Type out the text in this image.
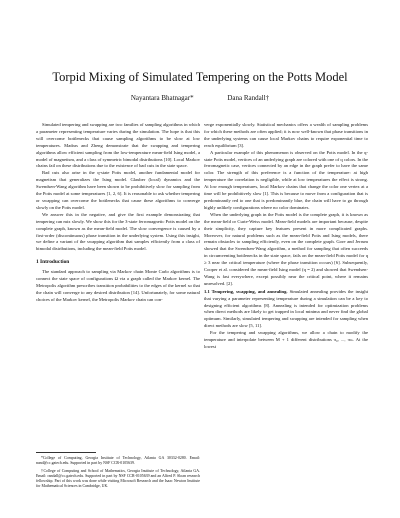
Torpid Mixing of Simulated Tempering on the Potts Model
Nayantara Bhatnagar*	Dana Randall†

Simulated tempering and swapping are two families of sampling algorithms in which a parameter representing temperature varies during the simulation. The hope is that this will overcome bottlenecks that cause sampling algorithms to be slow at low temperatures. Madras and Zheng demonstrate that the swapping and tempering algorithms allow efficient sampling from the low-temperature mean-field Ising model, a model of magnetism, and a class of symmetric bimodal distributions [10]. Local Markov chains fail on these distributions due to the existence of bad cuts in the state space.

Bad cuts also arise in the q-state Potts model, another fundamental model for magnetism that generalizes the Ising model. Glauber (local) dynamics and the Swendsen-Wang algorithm have been shown to be prohibitively slow for sampling from the Potts model at some temperatures [1, 2, 6]. It is reasonable to ask whether tempering or swapping can overcome the bottlenecks that cause these algorithms to converge slowly on the Potts model.

We answer this in the negative, and give the first example demonstrating that tempering can mix slowly. We show this for the 3-state ferromagnetic Potts model on the complete graph, known as the mean-field model. The slow convergence is caused by a first-order (discontinuous) phase transition in the underlying system. Using this insight, we define a variant of the swapping algorithm that samples efficiently from a class of bimodal distributions, including the mean-field Potts model.

1 Introduction

The standard approach to sampling via Markov chain Monte Carlo algorithms is to connect the state space of configurations Ω via a graph called the Markov kernel. The Metropolis algorithm prescribes transition probabilities to the edges of the kernel so that the chain will converge to any desired distribution [14]. Unfortunately, for some natural choices of the Markov kernel, the Metropolis Markov chain can con-

*College of Computing, Georgia Institute of Technology, Atlanta GA 30332-0280. Email: nand@cc.gatech.edu. Supported in part by NSF CCR-0105639.

†College of Computing and School of Mathematics, Georgia Institute of Technology, Atlanta GA. Email: randall@cc.gatech.edu. Supported in part by NSF CCR-0105639 and an Alfred P. Sloan research fellowship. Part of this work was done while visiting Microsoft Research and the Isaac Newton Institute for Mathematical Sciences in Cambridge, UK.

verge exponentially slowly. Statistical mechanics offers a wealth of sampling problems for which these methods are often applied; it is now well-known that phase transitions in the underlying systems can cause local Markov chains to require exponential time to reach equilibrium [3].

A particular example of this phenomenon is observed on the Potts model. In the q-state Potts model, vertices of an underlying graph are colored with one of q colors. In the ferromagnetic case, vertices connected by an edge in the graph prefer to have the same color. The strength of this preference is a function of the temperature: at high temperature the correlation is negligible, while at low temperatures the effect is strong. At low enough temperatures, local Markov chains that change the color one vertex at a time will be prohibitively slow [1]. This is because to move from a configuration that is predominantly red to one that is predominantly blue, the chain will have to go through highly unlikely configurations where no color dominates.

When the underlying graph in the Potts model is the complete graph, it is known as the mean-field or Curie-Weiss model. Mean-field models are important because, despite their simplicity, they capture key features present in more complicated graphs. Moreover, for natural problems such as the mean-field Potts and Ising models, there remain obstacles to sampling efficiently, even on the complete graph. Gore and Jerrum showed that the Swendsen-Wang algorithm, a method for sampling that often succeeds in circumventing bottlenecks in the state space, fails on the mean-field Potts model for q ≥ 3 near the critical temperature (where the phase transition occurs) [6]. Subsequently, Cooper et al. considered the mean-field Ising model (q = 2) and showed that Swendsen-Wang is fast everywhere, except possibly near the critical point, where it remains unresolved. [2].

1.1 Tempering, swapping, and annealing. Simulated annealing provides the insight that varying a parameter representing temperature during a simulation can be a key to designing efficient algorithms [8]. Annealing is intended for optimization problems when direct methods are likely to get trapped in local minima and never find the global optimum. Similarly, simulated tempering and swapping are intended for sampling when direct methods are slow [5, 11].

For the tempering and swapping algorithms, we allow a chain to modify the temperature and interpolate between M + 1 different distributions π₀, ..., πₘ. At the lowest
